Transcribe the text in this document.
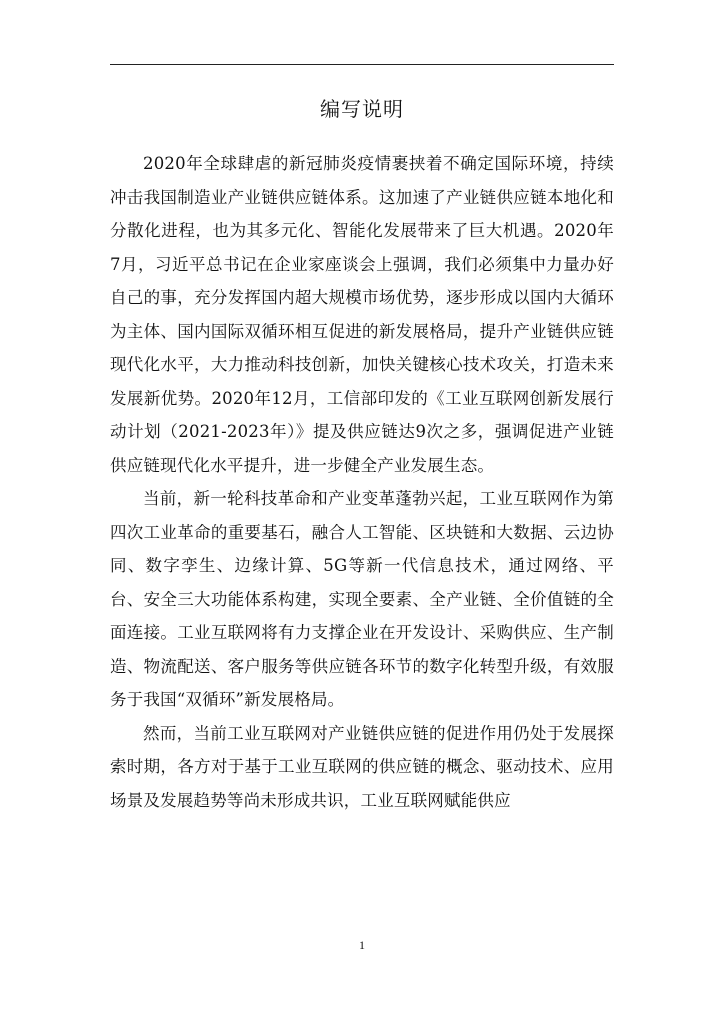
编写说明

2020年全球肆虐的新冠肺炎疫情裹挟着不确定国际环境，持续冲击我国制造业产业链供应链体系。这加速了产业链供应链本地化和分散化进程，也为其多元化、智能化发展带来了巨大机遇。2020年7月，习近平总书记在企业家座谈会上强调，我们必须集中力量办好自己的事，充分发挥国内超大规模市场优势，逐步形成以国内大循环为主体、国内国际双循环相互促进的新发展格局，提升产业链供应链现代化水平，大力推动科技创新，加快关键核心技术攻关，打造未来发展新优势。2020年12月，工信部印发的《工业互联网创新发展行动计划（2021-2023年）》提及供应链达9次之多，强调促进产业链供应链现代化水平提升，进一步健全产业发展生态。

当前，新一轮科技革命和产业变革蓬勃兴起，工业互联网作为第四次工业革命的重要基石，融合人工智能、区块链和大数据、云边协同、数字孪生、边缘计算、5G等新一代信息技术，通过网络、平台、安全三大功能体系构建，实现全要素、全产业链、全价值链的全面连接。工业互联网将有力支撑企业在开发设计、采购供应、生产制造、物流配送、客户服务等供应链各环节的数字化转型升级，有效服务于我国“双循环”新发展格局。

然而，当前工业互联网对产业链供应链的促进作用仍处于发展探索时期，各方对于基于工业互联网的供应链的概念、驱动技术、应用场景及发展趋势等尚未形成共识，工业互联网赋能供应

1
